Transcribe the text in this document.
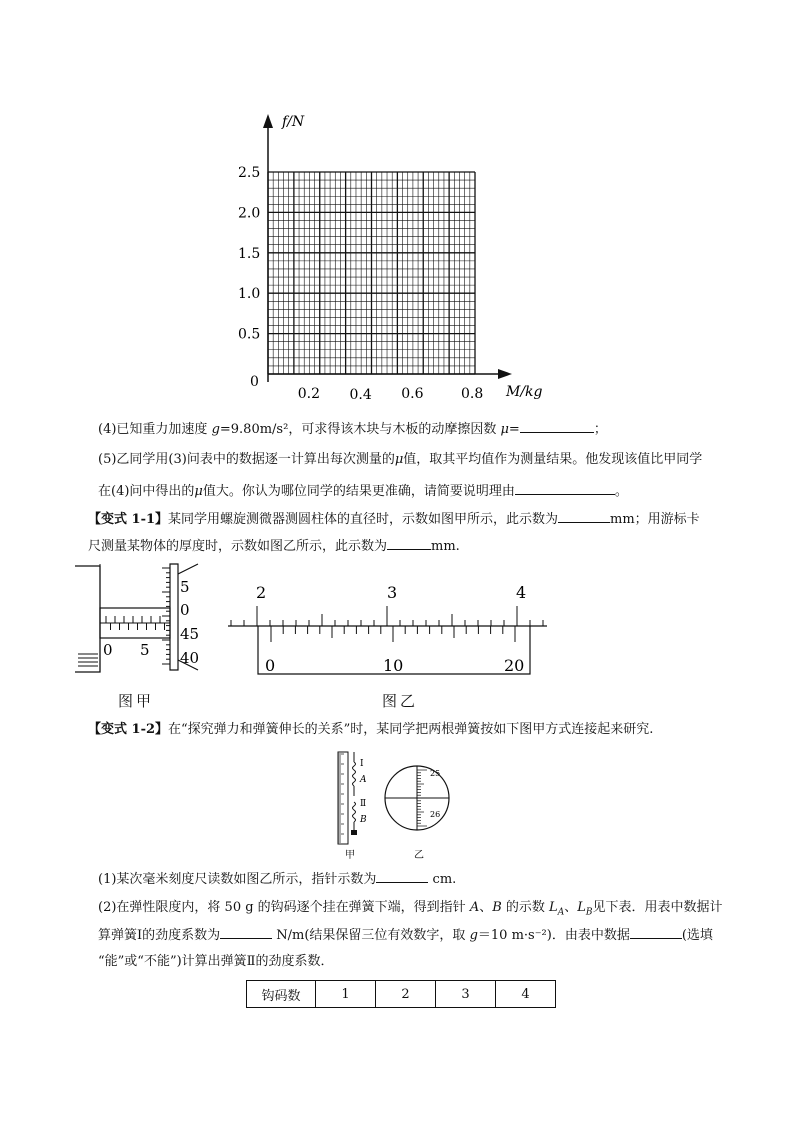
f/N
M/kg
0
0.5
1.0
1.5
2.0
2.5
0.2 0.4 0.6	0.8
(4)已知重力加速度 g=9.80m/s²，可求得该木块与木板的动摩擦因数 μ=	；
(5)乙同学用(3)问表中的数据逐一计算出每次测量的μ值，取其平均值作为测量结果。他发现该值比甲同学
在(4)问中得出的μ值大。你认为哪位同学的结果更准确，请简要说明理由	。
【变式 1-1】某同学用螺旋测微器测圆柱体的直径时，示数如图甲所示，此示数为	mm；用游标卡
尺测量某物体的厚度时，示数如图乙所示，此示数为	mm.
0 5
5
0
45
40
图甲
2	3	4
0	10	20
图乙
【变式 1-2】在“探究弹力和弹簧伸长的关系”时，某同学把两根弹簧按如下图甲方式连接起来研究.
Ⅰ
A
Ⅱ
B
25
26
甲	乙
(1)某次毫米刻度尺读数如图乙所示，指针示数为	cm.
(2)在弹性限度内，将 50 g 的钩码逐个挂在弹簧下端，得到指针 A、B 的示数 $L_A$、$L_B$见下表．用表中数据计
算弹簧Ⅰ的劲度系数为	N/m(结果保留三位有效数字，取 g＝10 m·s⁻²)．由表中数据	(选填
“能”或“不能”)计算出弹簧Ⅱ的劲度系数．
钩码数	1	2	3	4
